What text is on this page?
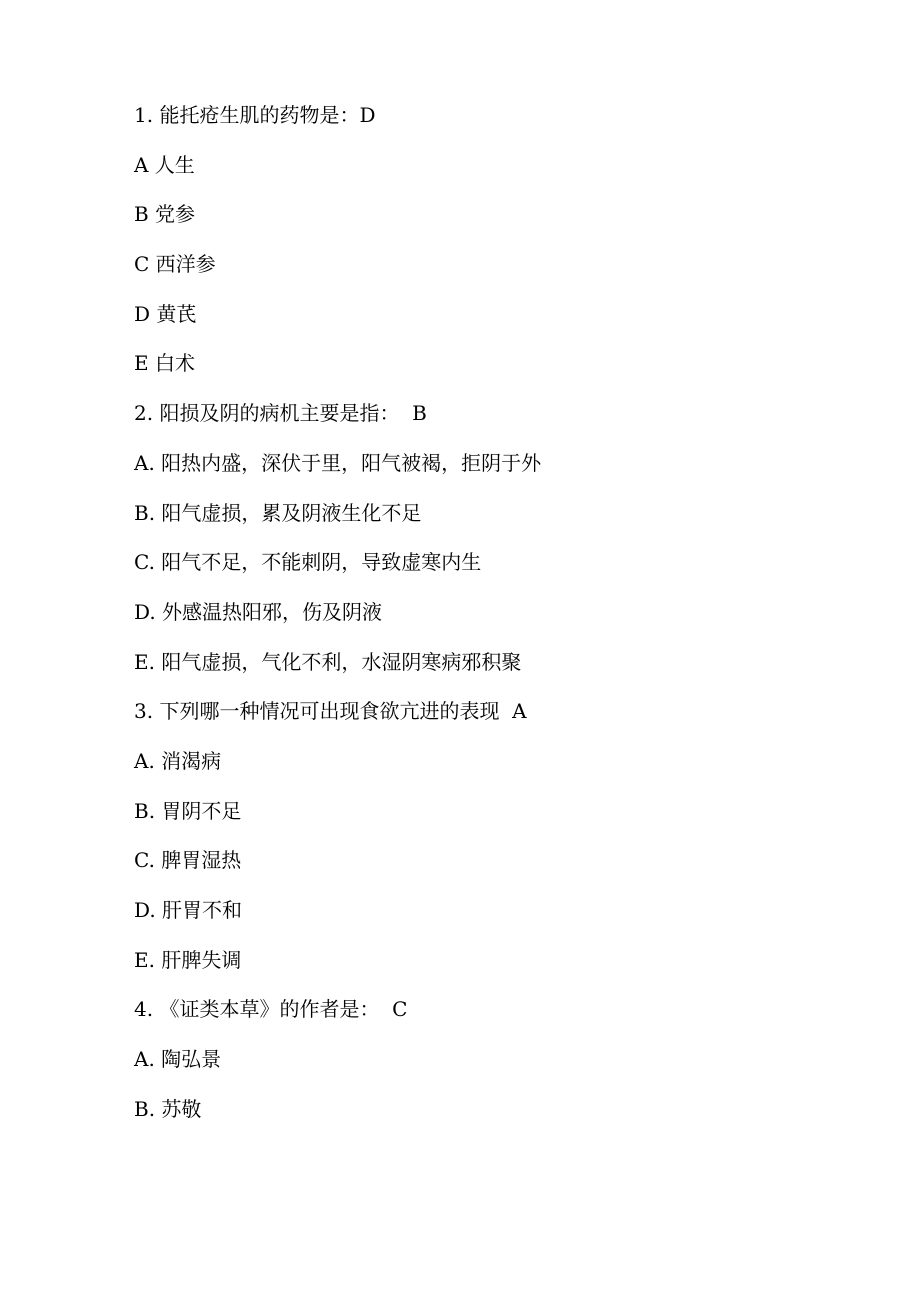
1. 能托疮生肌的药物是：D
A 人生
B 党参
C 西洋参
D 黄芪
E 白术
2. 阳损及阴的病机主要是指：  B
A. 阳热内盛，深伏于里，阳气被褐，拒阴于外
B. 阳气虚损，累及阴液生化不足
C. 阳气不足，不能刺阴，导致虚寒内生
D. 外感温热阳邪，伤及阴液
E. 阳气虚损，气化不利，水湿阴寒病邪积聚
3. 下列哪一种情况可出现食欲亢进的表现  A
A. 消渴病
B. 胃阴不足
C. 脾胃湿热
D. 肝胃不和
E. 肝脾失调
4. 《证类本草》的作者是：  C
A. 陶弘景
B. 苏敬
